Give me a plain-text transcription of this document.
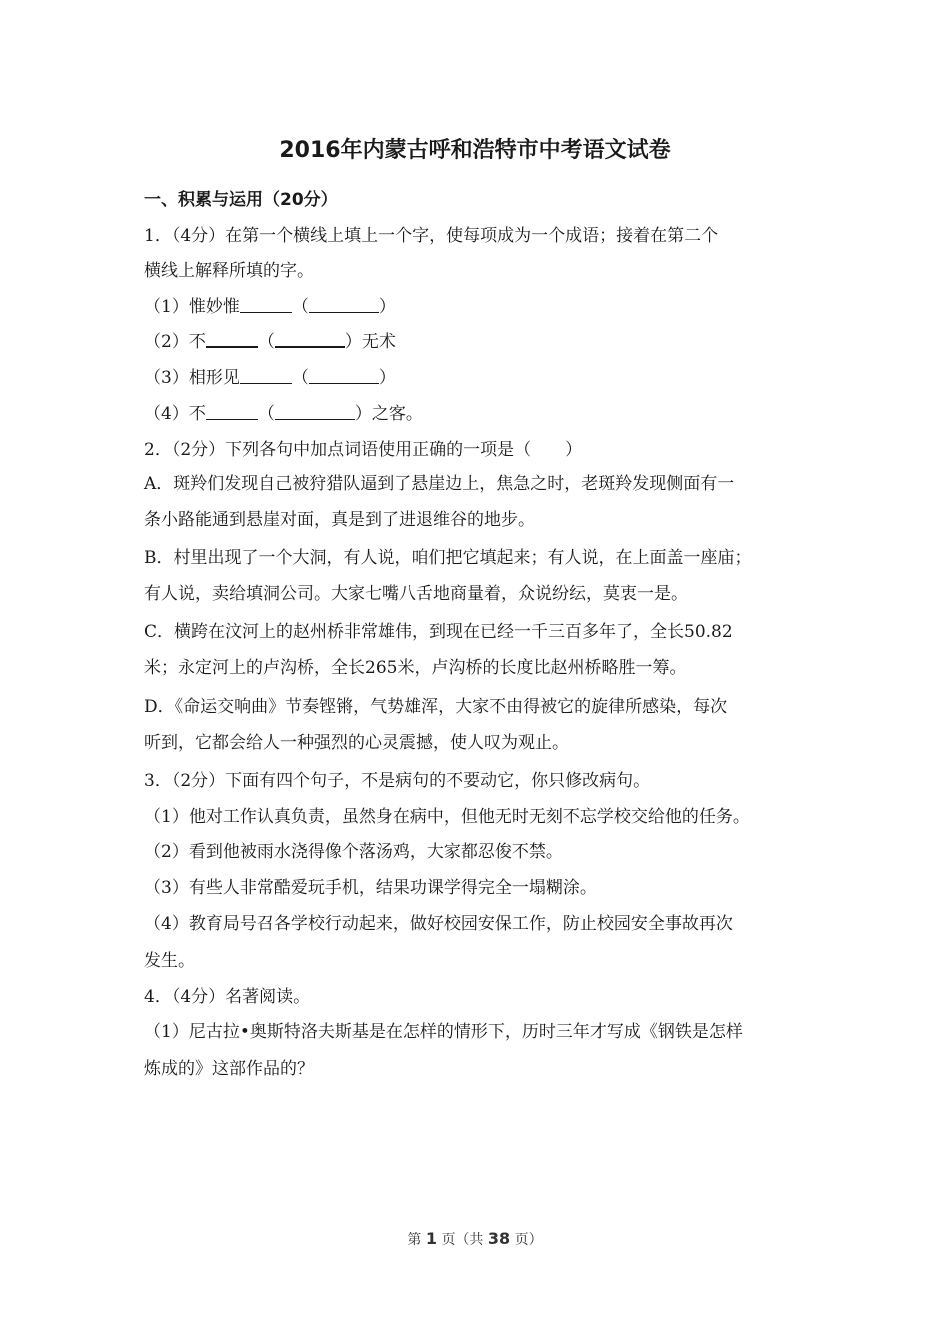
2016年内蒙古呼和浩特市中考语文试卷
一、积累与运用（20分）
1．（4分）在第一个横线上填上一个字，使每项成为一个成语；接着在第二个
横线上解释所填的字。
（1）惟妙惟	（	）
（2）不	（	）无术
（3）相形见	（	）
（4）不	（	）之客。
2．（2分）下列各句中加点词语使用正确的一项是（　　）
A．斑羚们发现自己被狩猎队逼到了悬崖边上，焦急之时，老斑羚发现侧面有一
条小路能通到悬崖对面，真是到了进退维谷的地步。
B．村里出现了一个大洞，有人说，咱们把它填起来；有人说，在上面盖一座庙；
有人说，卖给填洞公司。大家七嘴八舌地商量着，众说纷纭，莫衷一是。
C．横跨在汶河上的赵州桥非常雄伟，到现在已经一千三百多年了，全长50.82
米；永定河上的卢沟桥，全长265米，卢沟桥的长度比赵州桥略胜一筹。
D．《命运交响曲》节奏铿锵，气势雄浑，大家不由得被它的旋律所感染，每次
听到，它都会给人一种强烈的心灵震撼，使人叹为观止。
3．（2分）下面有四个句子，不是病句的不要动它，你只修改病句。
（1）他对工作认真负责，虽然身在病中，但他无时无刻不忘学校交给他的任务。
（2）看到他被雨水浇得像个落汤鸡，大家都忍俊不禁。
（3）有些人非常酷爱玩手机，结果功课学得完全一塌糊涂。
（4）教育局号召各学校行动起来，做好校园安保工作，防止校园安全事故再次
发生。
4．（4分）名著阅读。
（1）尼古拉•奥斯特洛夫斯基是在怎样的情形下，历时三年才写成《钢铁是怎样
炼成的》这部作品的？
第 1 页（共 38 页）
